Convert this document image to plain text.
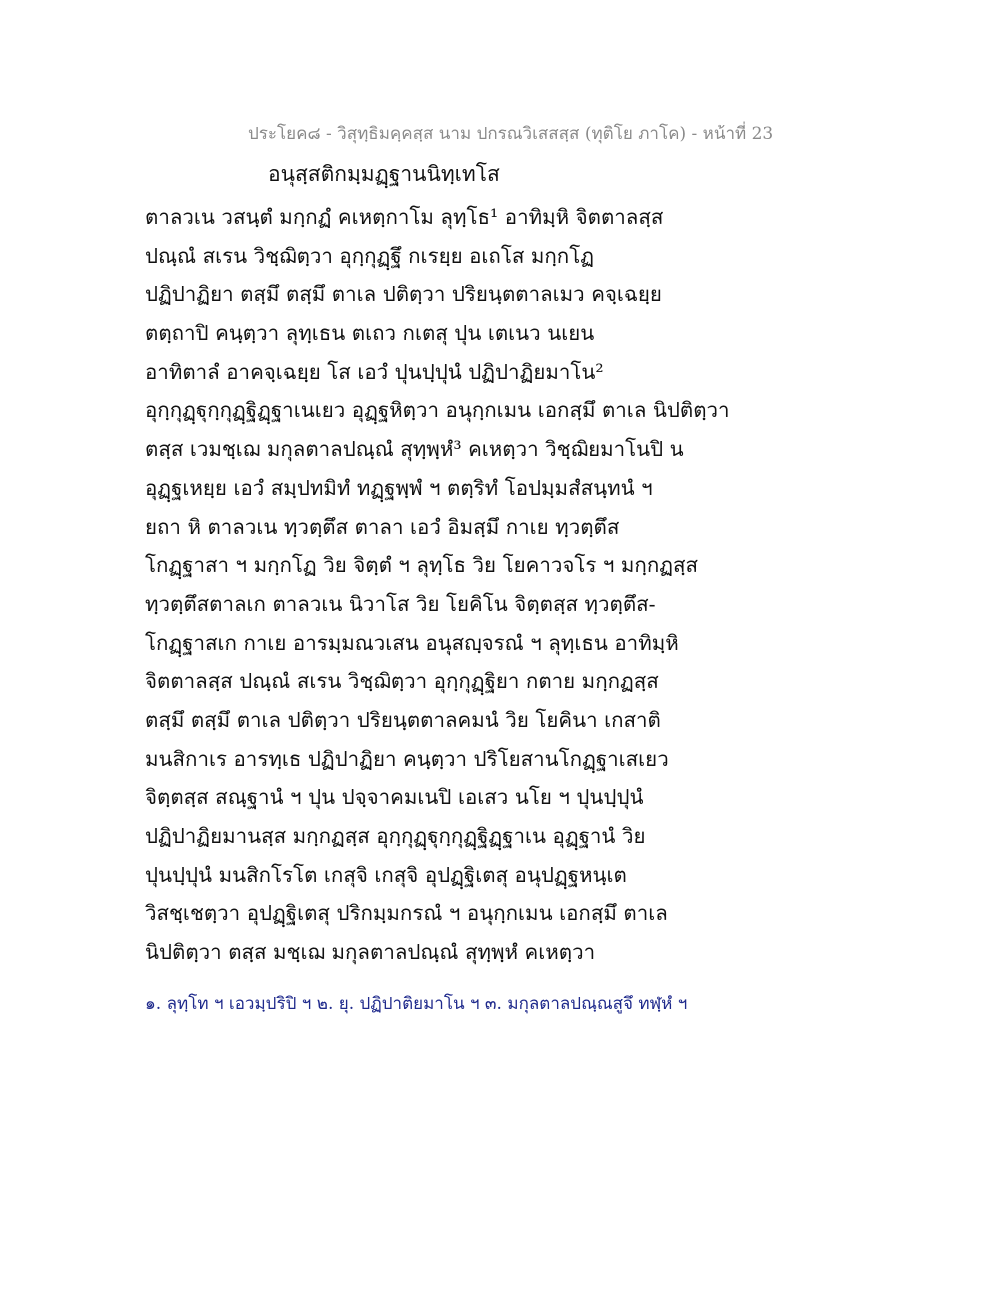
ประโยค๘ - วิสุทฺธิมคฺคสฺส นาม ปกรณวิเสสสฺส (ทุติโย ภาโค) - หน้าที่ 23
อนุสฺสติกมฺมฏฺฐานนิทฺเทโส
ตาลวเน วสนฺตํ มกฺกฏํ คเหตฺกาโม ลุทฺโธ¹ อาทิมฺหิ จิตตาลสฺส
ปณฺณํ สเรน วิชฺฌิตฺวา อุกฺกุฏฺฐึ กเรยฺย อเถโส มกฺกโฏ
ปฏิปาฏิยา ตสฺมึ ตสฺมึ ตาเล ปติตฺวา ปริยนฺตตาลเมว คจฺเฉยฺย
ตตฺถาปิ คนฺตฺวา ลุทฺเธน ตเถว กเตสุ ปุน เตเนว นเยน
อาทิตาลํ อาคจฺเฉยฺย โส เอวํ ปุนปฺปุนํ ปฏิปาฏิยมาโน²
อุกฺกุฏฺฐุกฺกุฏฺฐิฏฺฐาเนเยว อุฏฺฐหิตฺวา อนุกฺกเมน เอกสฺมึ ตาเล นิปติตฺวา
ตสฺส เวมชฺเฌ มกุลตาลปณฺณํ สุทฺพฺหํ³ คเหตฺวา วิชฺฌิยมาโนปิ น
อุฏฺฐเหยฺย เอวํ สมฺปทมิทํ ทฏฺฐพฺพํ ฯ ตตฺริทํ โอปมฺมสํสนฺทนํ ฯ
ยถา หิ ตาลวเน ทฺวตฺตึส ตาลา เอวํ อิมสฺมึ กาเย ทฺวตฺตึส
โกฏฺฐาสา ฯ มกฺกโฏ วิย จิตฺตํ ฯ ลุทฺโธ วิย โยคาวจโร ฯ มกฺกฏสฺส
ทฺวตฺตึสตาลเก ตาลวเน นิวาโส วิย โยคิโน จิตฺตสฺส ทฺวตฺตึส-
โกฏฺฐาสเก กาเย อารมฺมณวเสน อนุสญฺจรณํ ฯ ลุทฺเธน อาทิมฺหิ
จิตตาลสฺส ปณฺณํ สเรน วิชฺฌิตฺวา อุกฺกุฏฺฐิยา กตาย มกฺกฏสฺส
ตสฺมึ ตสฺมึ ตาเล ปติตฺวา ปริยนฺตตาลคมนํ วิย โยคินา เกสาติ
มนสิกาเร อารทฺเธ ปฏิปาฏิยา คนฺตฺวา ปริโยสานโกฏฺฐาเสเยว
จิตฺตสฺส สณฺฐานํ ฯ ปุน ปจฺจาคมเนปิ เอเสว นโย ฯ ปุนปฺปุนํ
ปฏิปาฏิยมานสฺส มกฺกฏสฺส อุกฺกุฏฺฐุกฺกุฏฺฐิฏฺฐาเน อุฏฺฐานํ วิย
ปุนปฺปุนํ มนสิกโรโต เกสุจิ เกสุจิ อุปฏฺฐิเตสุ อนุปฏฺฐหนฺเต
วิสชฺเชตฺวา อุปฏฺฐิเตสุ ปริกมฺมกรณํ ฯ อนุกฺกเมน เอกสฺมึ ตาเล
นิปติตฺวา ตสฺส มชฺเฌ มกุลตาลปณฺณํ สุทฺพฺหํ คเหตฺวา
๑. ลุทฺโท ฯ เอวมฺปริปิ ฯ ๒. ยุ. ปฏิปาติยมาโน ฯ ๓. มกุลตาลปณฺณสูจึ ทฬฺหํ ฯ
